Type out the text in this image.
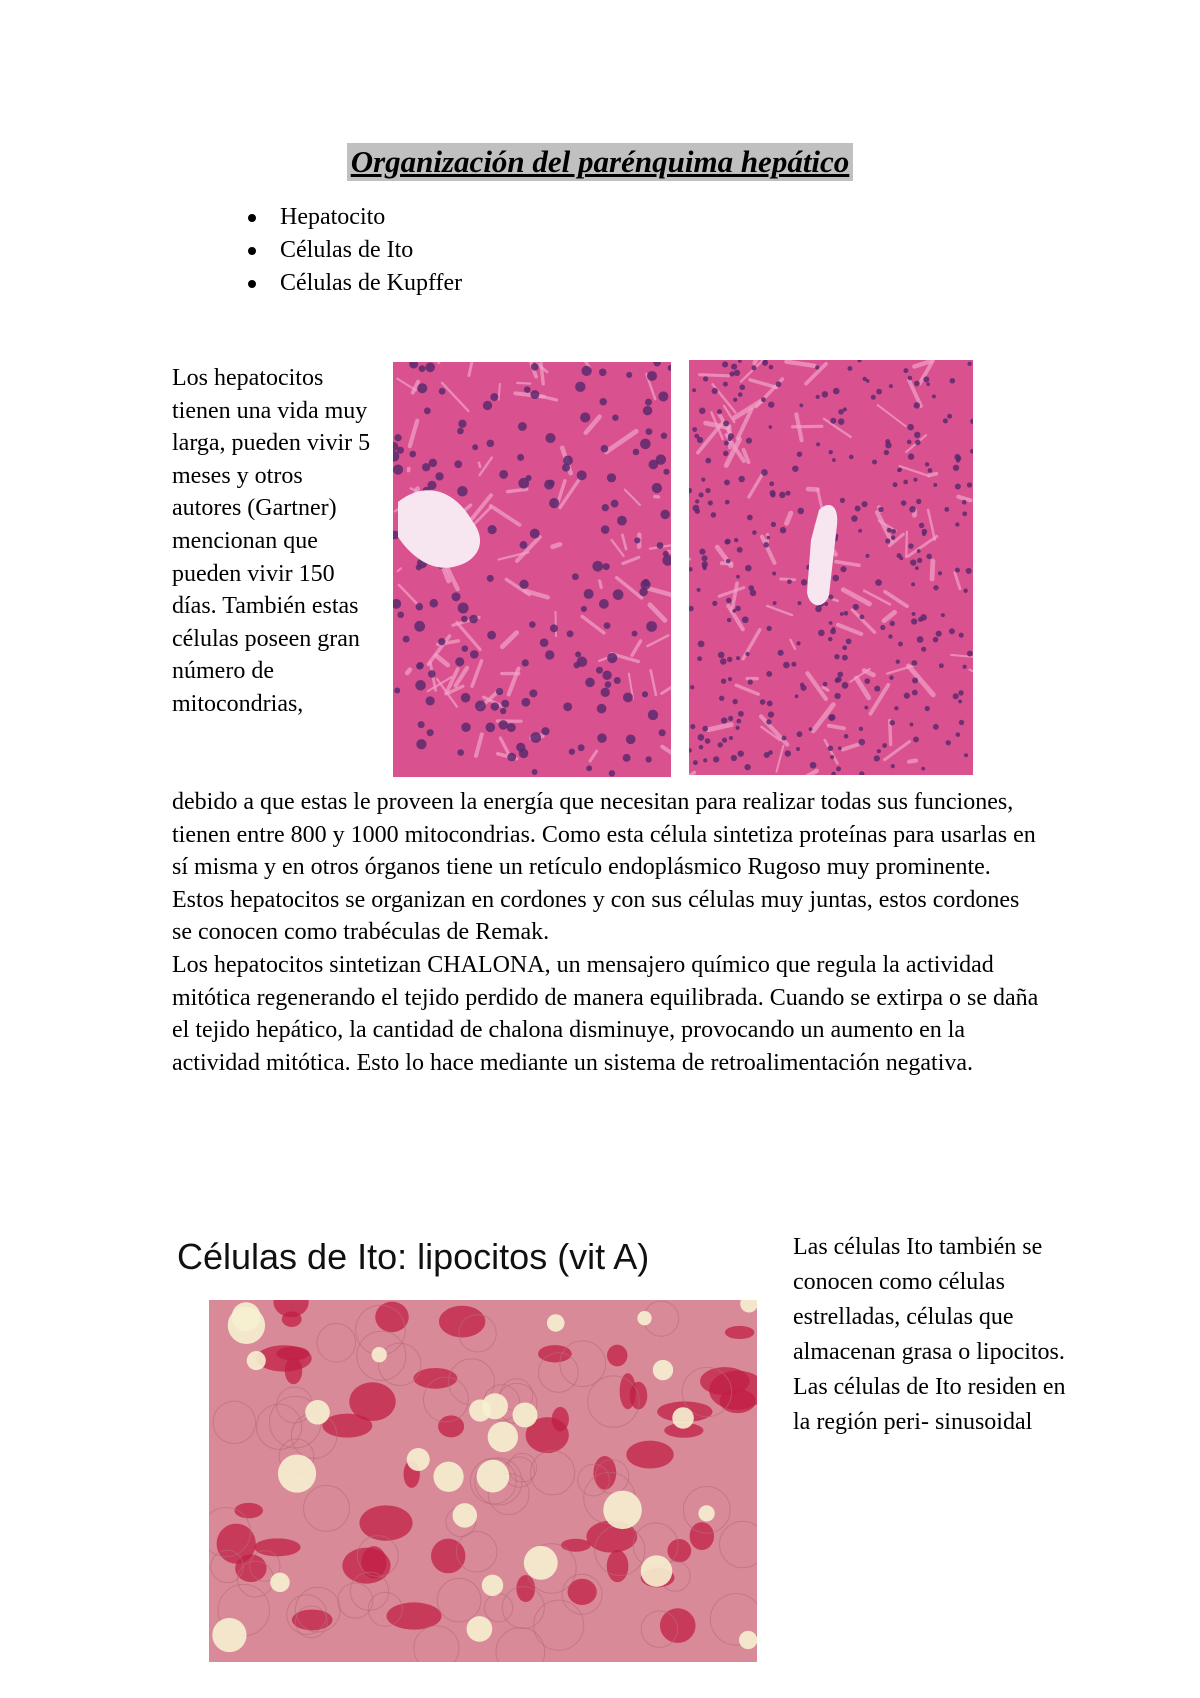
Organización del parénquima hepático
Hepatocito
Células de Ito
Células de Kupffer
Los hepatocitos tienen una vida muy larga, pueden vivir 5 meses y otros autores (Gartner) mencionan que pueden vivir 150 días. También estas células poseen gran número de mitocondrias,

debido a que estas le proveen la energía que necesitan para realizar todas sus funciones, tienen entre 800 y 1000 mitocondrias. Como esta célula sintetiza proteínas para usarlas en sí misma y en otros órganos tiene un retículo endoplásmico Rugoso muy prominente. Estos hepatocitos se organizan en cordones y con sus células muy juntas, estos cordones se conocen como trabéculas de Remak.

Los hepatocitos sintetizan CHALONA, un mensajero químico que regula la actividad mitótica regenerando el tejido perdido de manera equilibrada. Cuando se extirpa o se daña el tejido hepático, la cantidad de chalona disminuye, provocando un aumento en la actividad mitótica. Esto lo hace mediante un sistema de retroalimentación negativa.

Células de Ito: lipocitos (vit A)	Las células Ito también se conocen como células estrelladas, células que almacenan grasa o lipocitos. Las células de Ito residen en la región peri- sinusoidal
